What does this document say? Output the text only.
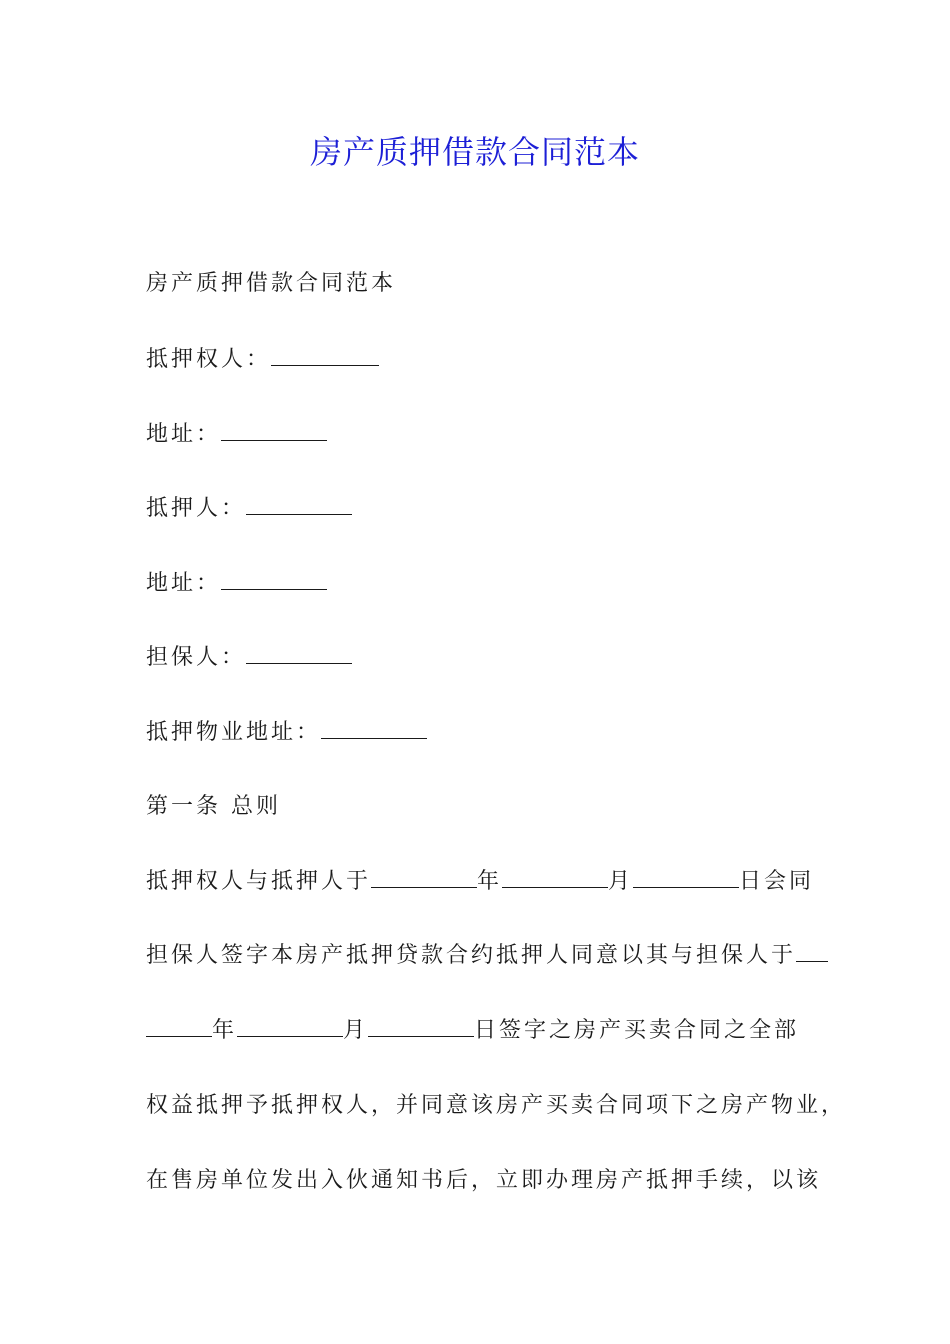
房产质押借款合同范本
房产质押借款合同范本
抵押权人：
地址：
抵押人：
地址：
担保人：
抵押物业地址：
第一条 总则
抵押权人与抵押人于	年	月	日会同
担保人签字本房产抵押贷款合约抵押人同意以其与担保人于
年	月	日签字之房产买卖合同之全部
权益抵押予抵押权人，并同意该房产买卖合同项下之房产物业，
在售房单位发出入伙通知书后，立即办理房产抵押手续，以该
